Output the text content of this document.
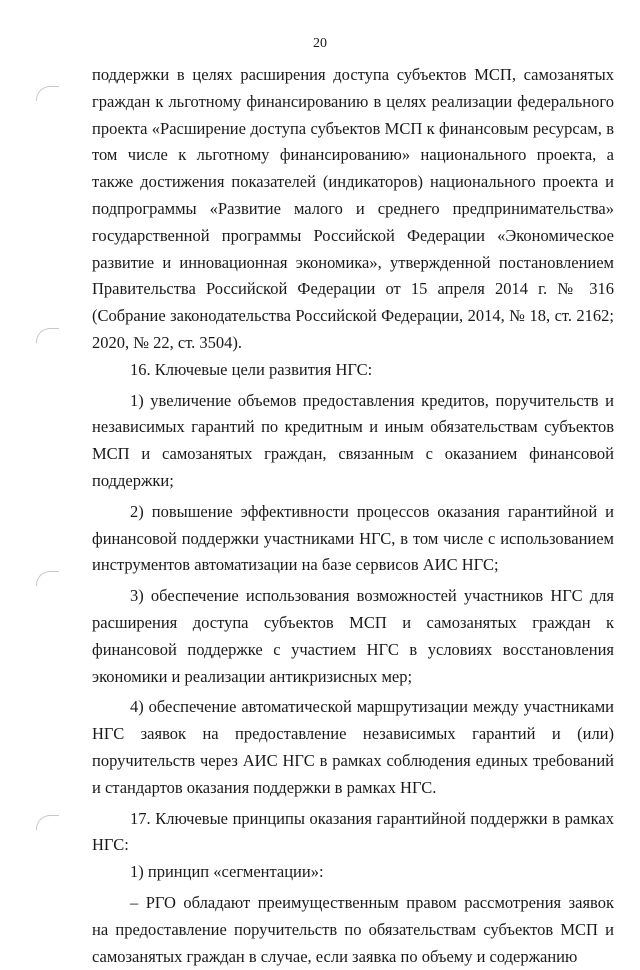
20

поддержки в целях расширения доступа субъектов МСП, самозанятых граждан к льготному финансированию в целях реализации федерального проекта «Расширение доступа субъектов МСП к финансовым ресурсам, в том числе к льготному финансированию» национального проекта, а также достижения показателей (индикаторов) национального проекта и подпрограммы «Развитие малого и среднего предпринимательства» государственной программы Российской Федерации «Экономическое развитие и инновационная экономика», утвержденной постановлением Правительства Российской Федерации от 15 апреля 2014 г. № 316 (Собрание законодательства Российской Федерации, 2014, № 18, ст. 2162; 2020, № 22, ст. 3504).

16. Ключевые цели развития НГС:

1) увеличение объемов предоставления кредитов, поручительств и независимых гарантий по кредитным и иным обязательствам субъектов МСП и самозанятых граждан, связанным с оказанием финансовой поддержки;

2) повышение эффективности процессов оказания гарантийной и финансовой поддержки участниками НГС, в том числе с использованием инструментов автоматизации на базе сервисов АИС НГС;

3) обеспечение использования возможностей участников НГС для расширения доступа субъектов МСП и самозанятых граждан к финансовой поддержке с участием НГС в условиях восстановления экономики и реализации антикризисных мер;

4) обеспечение автоматической маршрутизации между участниками НГС заявок на предоставление независимых гарантий и (или) поручительств через АИС НГС в рамках соблюдения единых требований и стандартов оказания поддержки в рамках НГС.

17. Ключевые принципы оказания гарантийной поддержки в рамках НГС:

1) принцип «сегментации»:

– РГО обладают преимущественным правом рассмотрения заявок на предоставление поручительств по обязательствам субъектов МСП и самозанятых граждан в случае, если заявка по объему и содержанию
